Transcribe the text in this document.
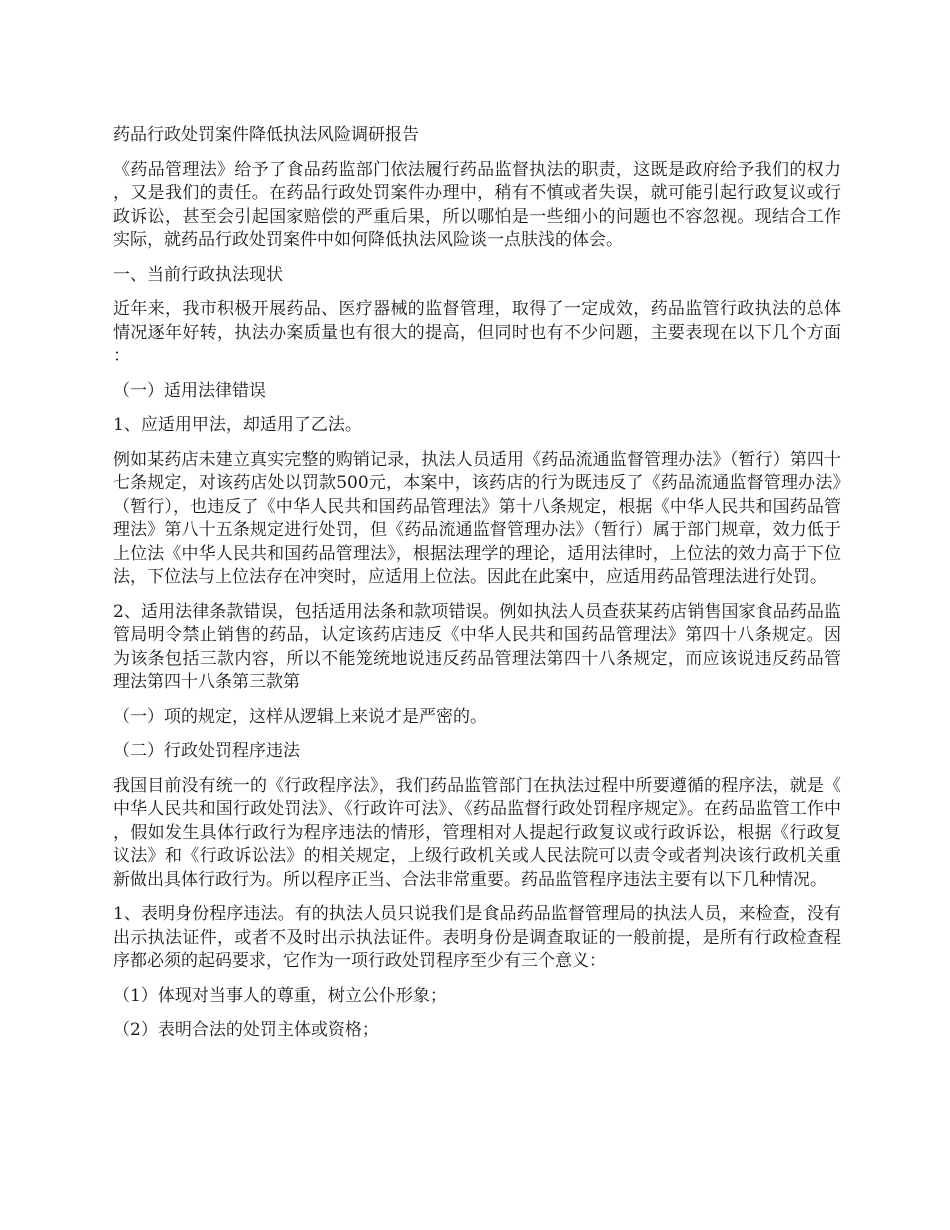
药品行政处罚案件降低执法风险调研报告

《药品管理法》给予了食品药监部门依法履行药品监督执法的职责，这既是政府给予我们的权力，又是我们的责任。在药品行政处罚案件办理中，稍有不慎或者失误，就可能引起行政复议或行政诉讼，甚至会引起国家赔偿的严重后果，所以哪怕是一些细小的问题也不容忽视。现结合工作实际，就药品行政处罚案件中如何降低执法风险谈一点肤浅的体会。

一、当前行政执法现状

近年来，我市积极开展药品、医疗器械的监督管理，取得了一定成效，药品监管行政执法的总体情况逐年好转，执法办案质量也有很大的提高，但同时也有不少问题，主要表现在以下几个方面：

（一）适用法律错误

1、应适用甲法，却适用了乙法。

例如某药店未建立真实完整的购销记录，执法人员适用《药品流通监督管理办法》（暂行）第四十七条规定，对该药店处以罚款500元，本案中，该药店的行为既违反了《药品流通监督管理办法》（暂行），也违反了《中华人民共和国药品管理法》第十八条规定，根据《中华人民共和国药品管理法》第八十五条规定进行处罚，但《药品流通监督管理办法》（暂行）属于部门规章，效力低于上位法《中华人民共和国药品管理法》，根据法理学的理论，适用法律时，上位法的效力高于下位法，下位法与上位法存在冲突时，应适用上位法。因此在此案中，应适用药品管理法进行处罚。

2、适用法律条款错误，包括适用法条和款项错误。例如执法人员查获某药店销售国家食品药品监管局明令禁止销售的药品，认定该药店违反《中华人民共和国药品管理法》第四十八条规定。因为该条包括三款内容，所以不能笼统地说违反药品管理法第四十八条规定，而应该说违反药品管理法第四十八条第三款第

（一）项的规定，这样从逻辑上来说才是严密的。

（二）行政处罚程序违法

我国目前没有统一的《行政程序法》，我们药品监管部门在执法过程中所要遵循的程序法，就是《中华人民共和国行政处罚法》、《行政许可法》、《药品监督行政处罚程序规定》。在药品监管工作中，假如发生具体行政行为程序违法的情形，管理相对人提起行政复议或行政诉讼，根据《行政复议法》和《行政诉讼法》的相关规定，上级行政机关或人民法院可以责令或者判决该行政机关重新做出具体行政行为。所以程序正当、合法非常重要。药品监管程序违法主要有以下几种情况。

1、表明身份程序违法。有的执法人员只说我们是食品药品监督管理局的执法人员，来检查，没有出示执法证件，或者不及时出示执法证件。表明身份是调查取证的一般前提，是所有行政检查程序都必须的起码要求，它作为一项行政处罚程序至少有三个意义：

（1）体现对当事人的尊重，树立公仆形象；

（2）表明合法的处罚主体或资格；
